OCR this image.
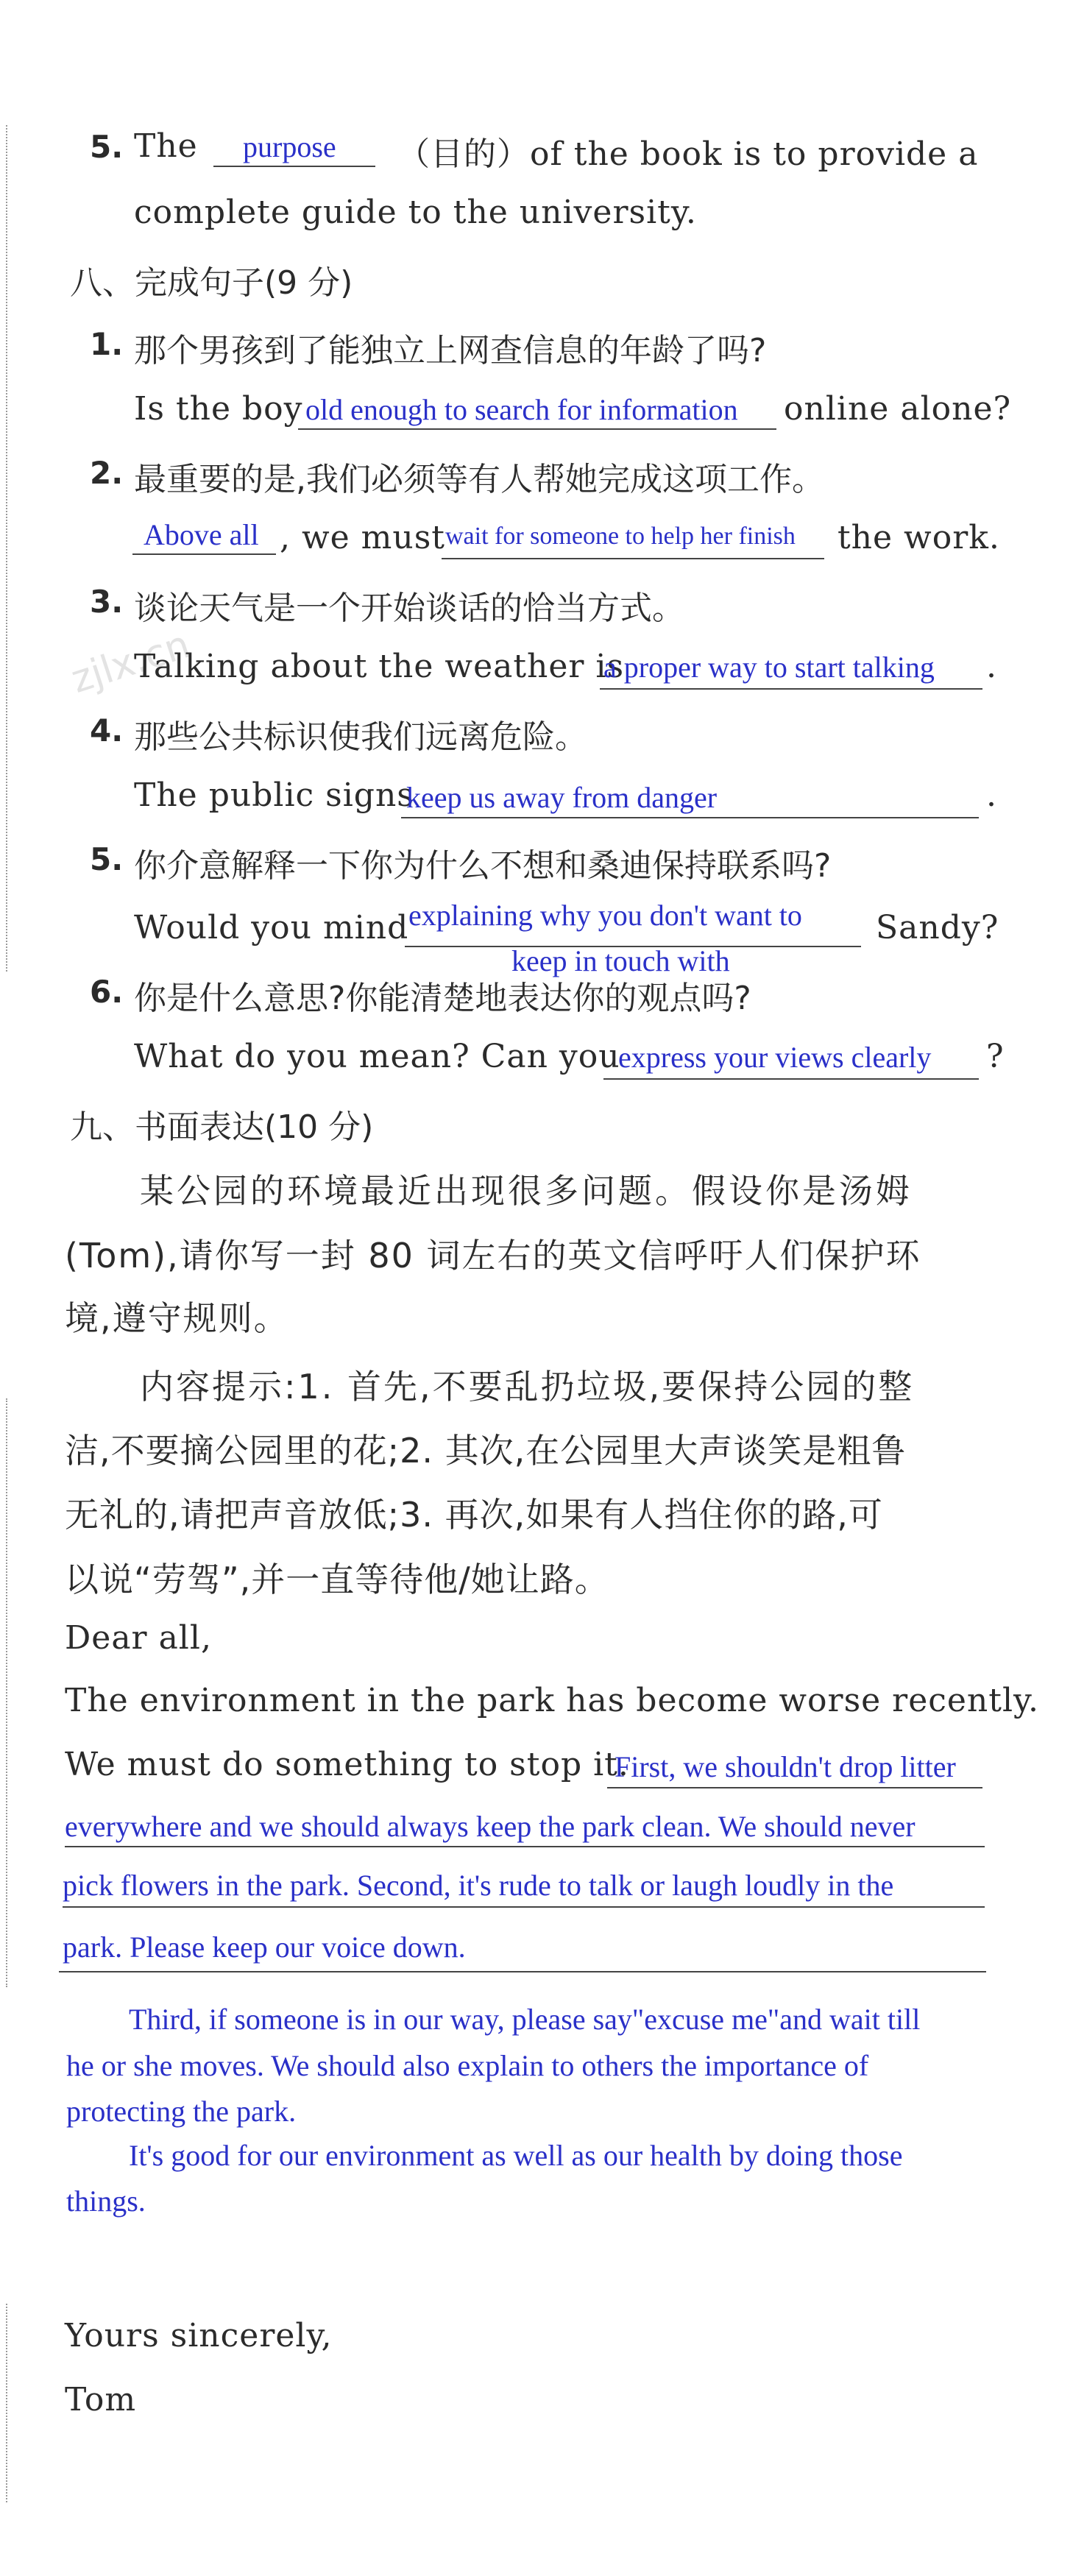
zjlx.cn
5. The purpose （目的）of the book is to provide a
complete guide to the university.
八、完成句子(9 分)
1. 那个男孩到了能独立上网查信息的年龄了吗?
Is the boy old enough to search for information online alone?
2. 最重要的是,我们必须等有人帮她完成这项工作。
Above all , we must wait for someone to help her finish the work.
3. 谈论天气是一个开始谈话的恰当方式。
Talking about the weather is
a proper way to start talking .
4. 那些公共标识使我们远离危险。
The public signs
keep us away from danger	.
5. 你介意解释一下你为什么不想和桑迪保持联系吗?
Would you mind explaining why you don't want to
keep in touch with
Sandy?
6. 你是什么意思?你能清楚地表达你的观点吗?
What do you mean? Can you
express your views clearly ?
九、书面表达(10 分)
某公园的环境最近出现很多问题。假设你是汤姆
(Tom),请你写一封 80 词左右的英文信呼吁人们保护环
境,遵守规则。
内容提示:1. 首先,不要乱扔垃圾,要保持公园的整
洁,不要摘公园里的花;2. 其次,在公园里大声谈笑是粗鲁
无礼的,请把声音放低;3. 再次,如果有人挡住你的路,可
以说“劳驾”,并一直等待他/她让路。
Dear all,
The environment in the park has become worse recently.
We must do something to stop it.
First, we shouldn't drop litter
everywhere and we should always keep the park clean. We should never
pick flowers in the park. Second, it's rude to talk or laugh loudly in the
park. Please keep our voice down.
Third, if someone is in our way, please say"excuse me"and wait till
he or she moves. We should also explain to others the importance of
protecting the park.
It's good for our environment as well as our health by doing those
things.
Yours sincerely,
Tom
